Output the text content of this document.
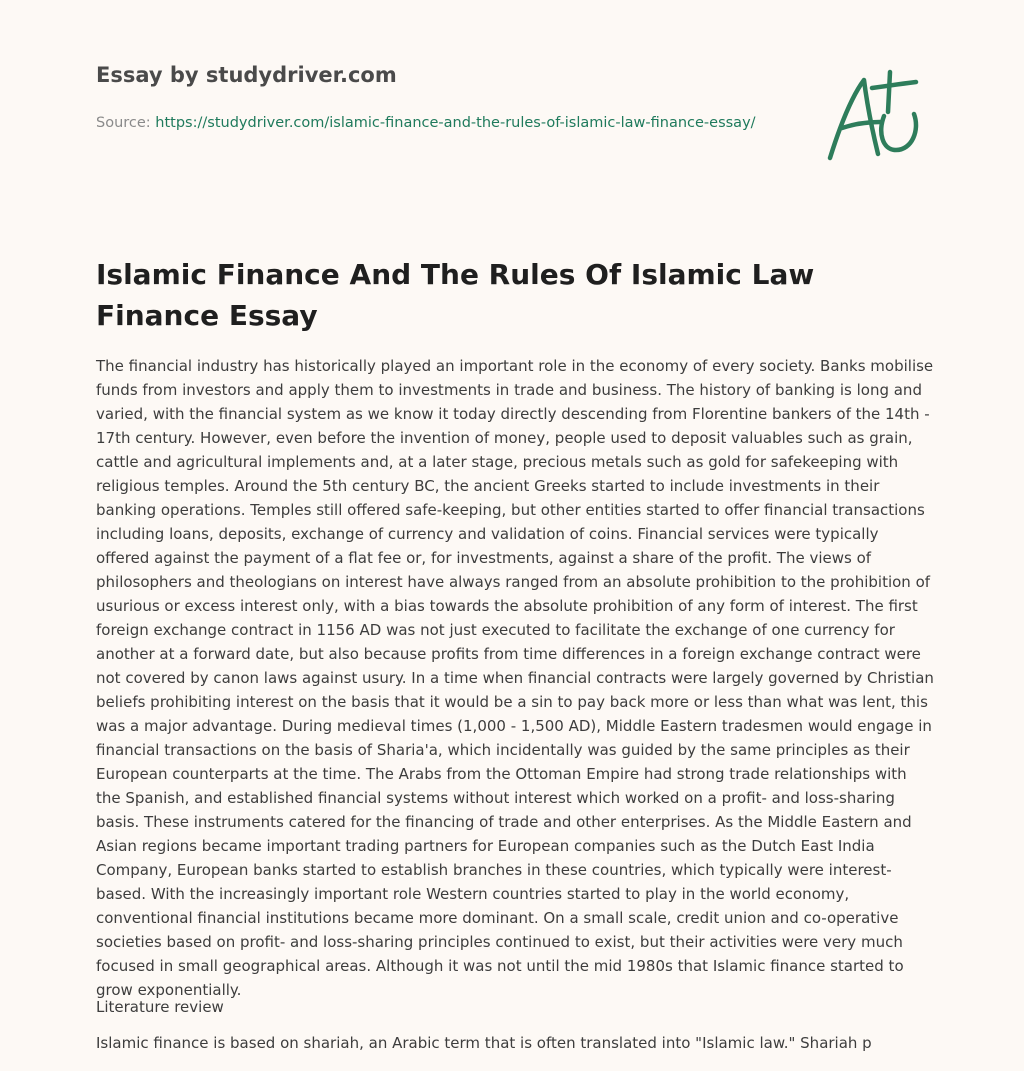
Essay by studydriver.com
Source: https://studydriver.com/islamic-finance-and-the-rules-of-islamic-law-finance-essay/
Islamic Finance And The Rules Of Islamic Law Finance Essay

The financial industry has historically played an important role in the economy of every society. Banks mobilise funds from investors and apply them to investments in trade and business. The history of banking is long and varied, with the financial system as we know it today directly descending from Florentine bankers of the 14th - 17th century. However, even before the invention of money, people used to deposit valuables such as grain, cattle and agricultural implements and, at a later stage, precious metals such as gold for safekeeping with religious temples. Around the 5th century BC, the ancient Greeks started to include investments in their banking operations. Temples still offered safe-keeping, but other entities started to offer financial transactions including loans, deposits, exchange of currency and validation of coins. Financial services were typically offered against the payment of a flat fee or, for investments, against a share of the profit. The views of philosophers and theologians on interest have always ranged from an absolute prohibition to the prohibition of usurious or excess interest only, with a bias towards the absolute prohibition of any form of interest. The first foreign exchange contract in 1156 AD was not just executed to facilitate the exchange of one currency for another at a forward date, but also because profits from time differences in a foreign exchange contract were not covered by canon laws against usury. In a time when financial contracts were largely governed by Christian beliefs prohibiting interest on the basis that it would be a sin to pay back more or less than what was lent, this was a major advantage. During medieval times (1,000 - 1,500 AD), Middle Eastern tradesmen would engage in financial transactions on the basis of Sharia'a, which incidentally was guided by the same principles as their European counterparts at the time. The Arabs from the Ottoman Empire had strong trade relationships with the Spanish, and established financial systems without interest which worked on a profit- and loss-sharing basis. These instruments catered for the financing of trade and other enterprises. As the Middle Eastern and Asian regions became important trading partners for European companies such as the Dutch East India Company, European banks started to establish branches in these countries, which typically were interest-based. With the increasingly important role Western countries started to play in the world economy, conventional financial institutions became more dominant. On a small scale, credit union and co-operative societies based on profit- and loss-sharing principles continued to exist, but their activities were very much focused in small geographical areas. Although it was not until the mid 1980s that Islamic finance started to grow exponentially.

Literature review

Islamic finance is based on shariah, an Arabic term that is often translated into "Islamic law." Shariah p
